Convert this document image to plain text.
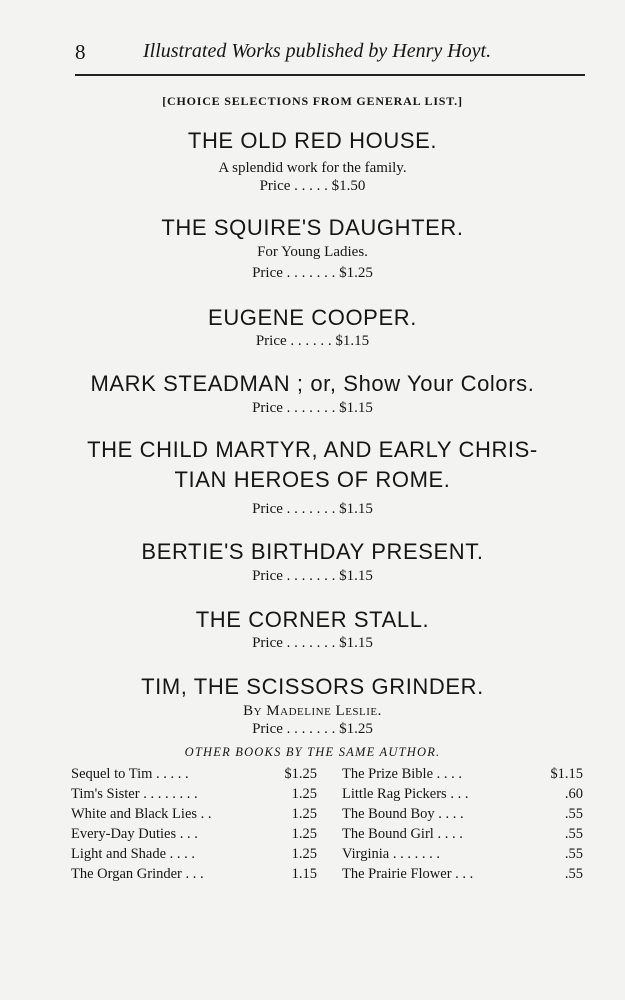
8	Illustrated Works published by Henry Hoyt.
[CHOICE SELECTIONS FROM GENERAL LIST.]
THE OLD RED HOUSE.
A splendid work for the family.
Price . . . . . $1.50
THE SQUIRE'S DAUGHTER.
For Young Ladies.
Price . . . . . . . $1.25
EUGENE COOPER.
Price . . . . . . $1.15
MARK STEADMAN ; or, Show Your Colors.
Price . . . . . . . $1.15
THE CHILD MARTYR, AND EARLY CHRIS-
TIAN HEROES OF ROME.
Price . . . . . . . $1.15
BERTIE'S BIRTHDAY PRESENT.
Price . . . . . . . $1.15
THE CORNER STALL.
Price . . . . . . . $1.15
TIM, THE SCISSORS GRINDER.
By Madeline Leslie.
Price . . . . . . . $1.25
OTHER BOOKS BY THE SAME AUTHOR.
Sequel to Tim . . . . .	$1.25
Tim's Sister . . . . . . . .	1.25
White and Black Lies . .	1.25
Every-Day Duties . . .	1.25
Light and Shade . . . .	1.25
The Organ Grinder . . .	1.15
The Prize Bible . . . .	$1.15
Little Rag Pickers . . .	.60
The Bound Boy . . . .	.55
The Bound Girl . . . .	.55
Virginia . . . . . . .	.55
The Prairie Flower . . .	.55
